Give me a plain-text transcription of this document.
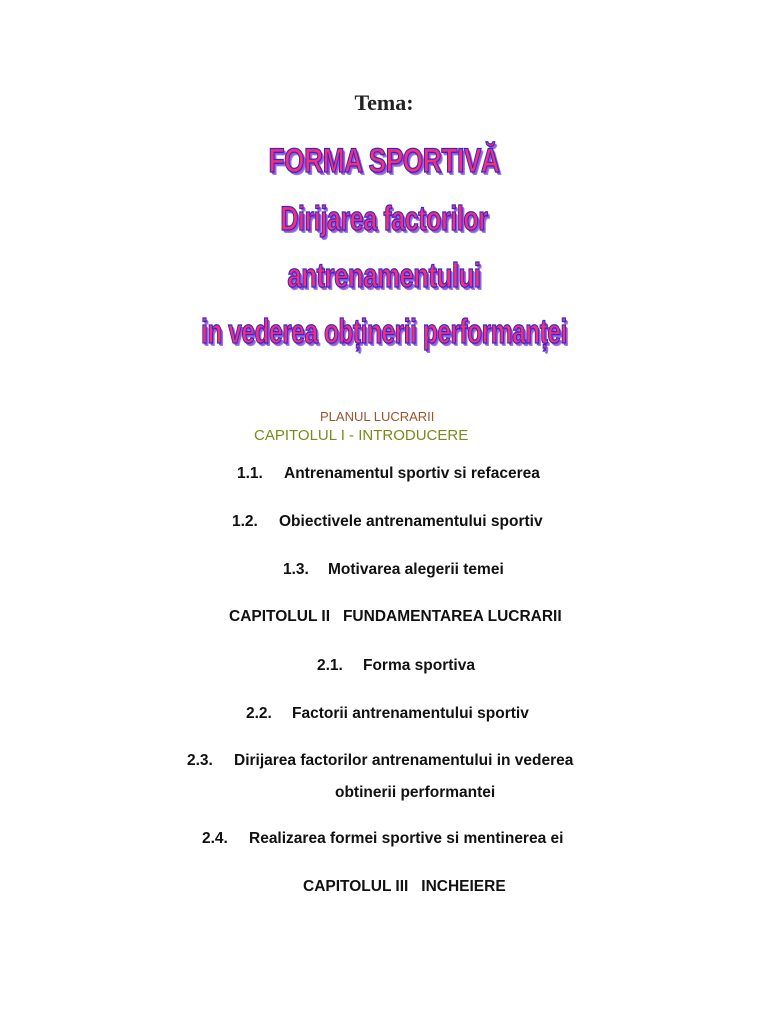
Tema:
FORMA SPORTIVĂ
Dirijarea factorilor
antrenamentului
in vederea obținerii performanței
PLANUL LUCRARII
CAPITOLUL I - INTRODUCERE
1.1. Antrenamentul sportiv si refacerea
1.2. Obiectivele antrenamentului sportiv
1.3. Motivarea alegerii temei
CAPITOLUL II   FUNDAMENTAREA LUCRARII
2.1. Forma sportiva
2.2. Factorii antrenamentului sportiv
2.3. Dirijarea factorilor antrenamentului in vederea
obtinerii performantei
2.4. Realizarea formei sportive si mentinerea ei
CAPITOLUL III   INCHEIERE
